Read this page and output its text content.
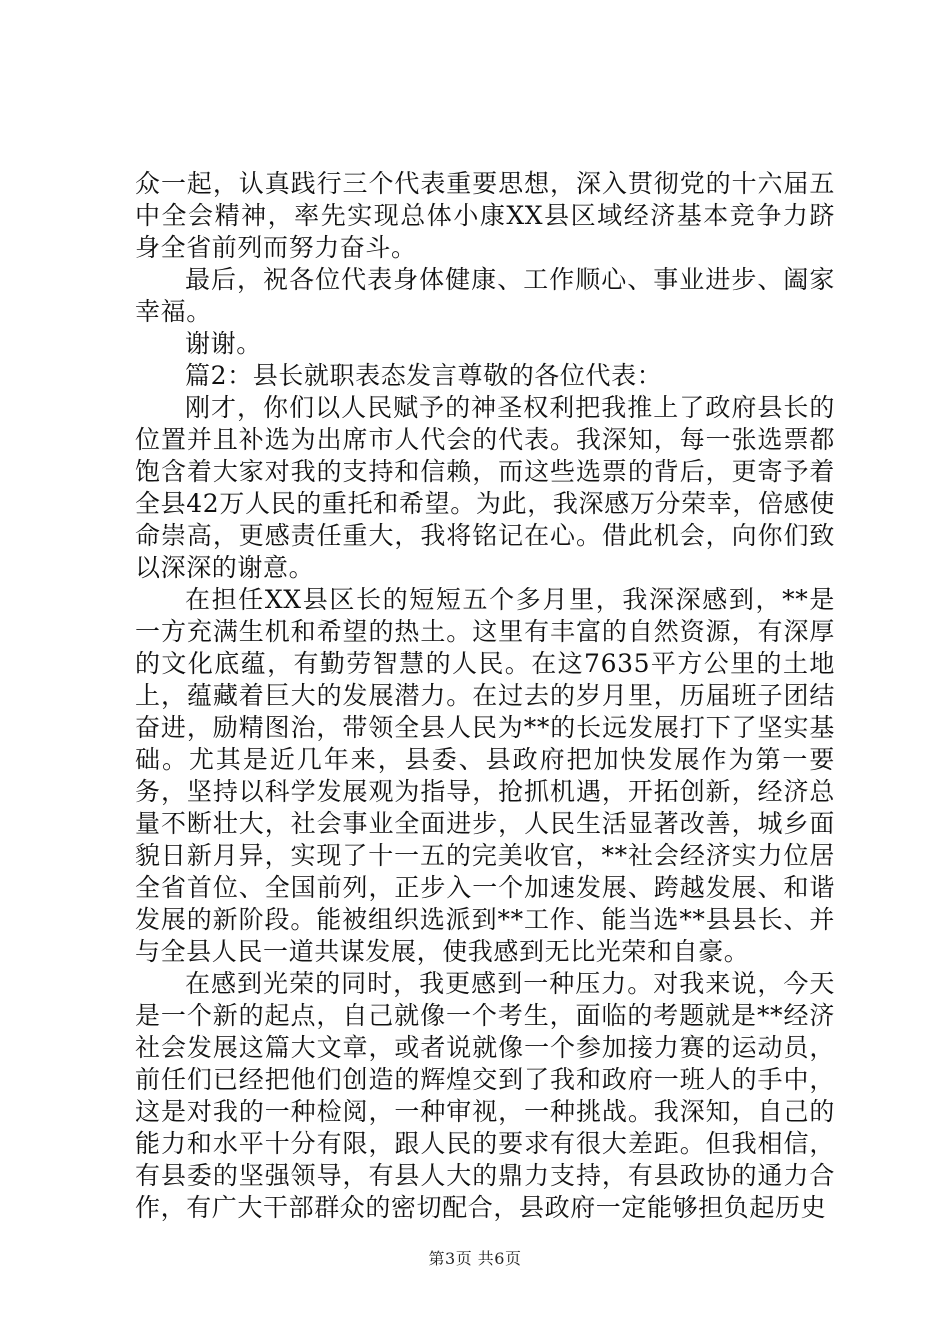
众一起，认真践行三个代表重要思想，深入贯彻党的十六届五中全会精神，率先实现总体小康XX县区域经济基本竞争力跻身全省前列而努力奋斗。

最后，祝各位代表身体健康、工作顺心、事业进步、阖家幸福。

谢谢。

篇2：县长就职表态发言尊敬的各位代表：

刚才，你们以人民赋予的神圣权利把我推上了政府县长的位置并且补选为出席市人代会的代表。我深知，每一张选票都饱含着大家对我的支持和信赖，而这些选票的背后，更寄予着全县42万人民的重托和希望。为此，我深感万分荣幸，倍感使命崇高，更感责任重大，我将铭记在心。借此机会，向你们致以深深的谢意。

在担任XX县区长的短短五个多月里，我深深感到，**是一方充满生机和希望的热土。这里有丰富的自然资源，有深厚的文化底蕴，有勤劳智慧的人民。在这7635平方公里的土地上，蕴藏着巨大的发展潜力。在过去的岁月里，历届班子团结奋进，励精图治，带领全县人民为**的长远发展打下了坚实基础。尤其是近几年来，县委、县政府把加快发展作为第一要务，坚持以科学发展观为指导，抢抓机遇，开拓创新，经济总量不断壮大，社会事业全面进步，人民生活显著改善，城乡面貌日新月异，实现了十一五的完美收官，**社会经济实力位居全省首位、全国前列，正步入一个加速发展、跨越发展、和谐发展的新阶段。能被组织选派到**工作、能当选**县县长、并与全县人民一道共谋发展，使我感到无比光荣和自豪。

在感到光荣的同时，我更感到一种压力。对我来说，今天是一个新的起点，自己就像一个考生，面临的考题就是**经济社会发展这篇大文章，或者说就像一个参加接力赛的运动员，前任们已经把他们创造的辉煌交到了我和政府一班人的手中，这是对我的一种检阅，一种审视，一种挑战。我深知，自己的能力和水平十分有限，跟人民的要求有很大差距。但我相信，有县委的坚强领导，有县人大的鼎力支持，有县政协的通力合作，有广大干部群众的密切配合，县政府一定能够担负起历史

第3页 共6页
